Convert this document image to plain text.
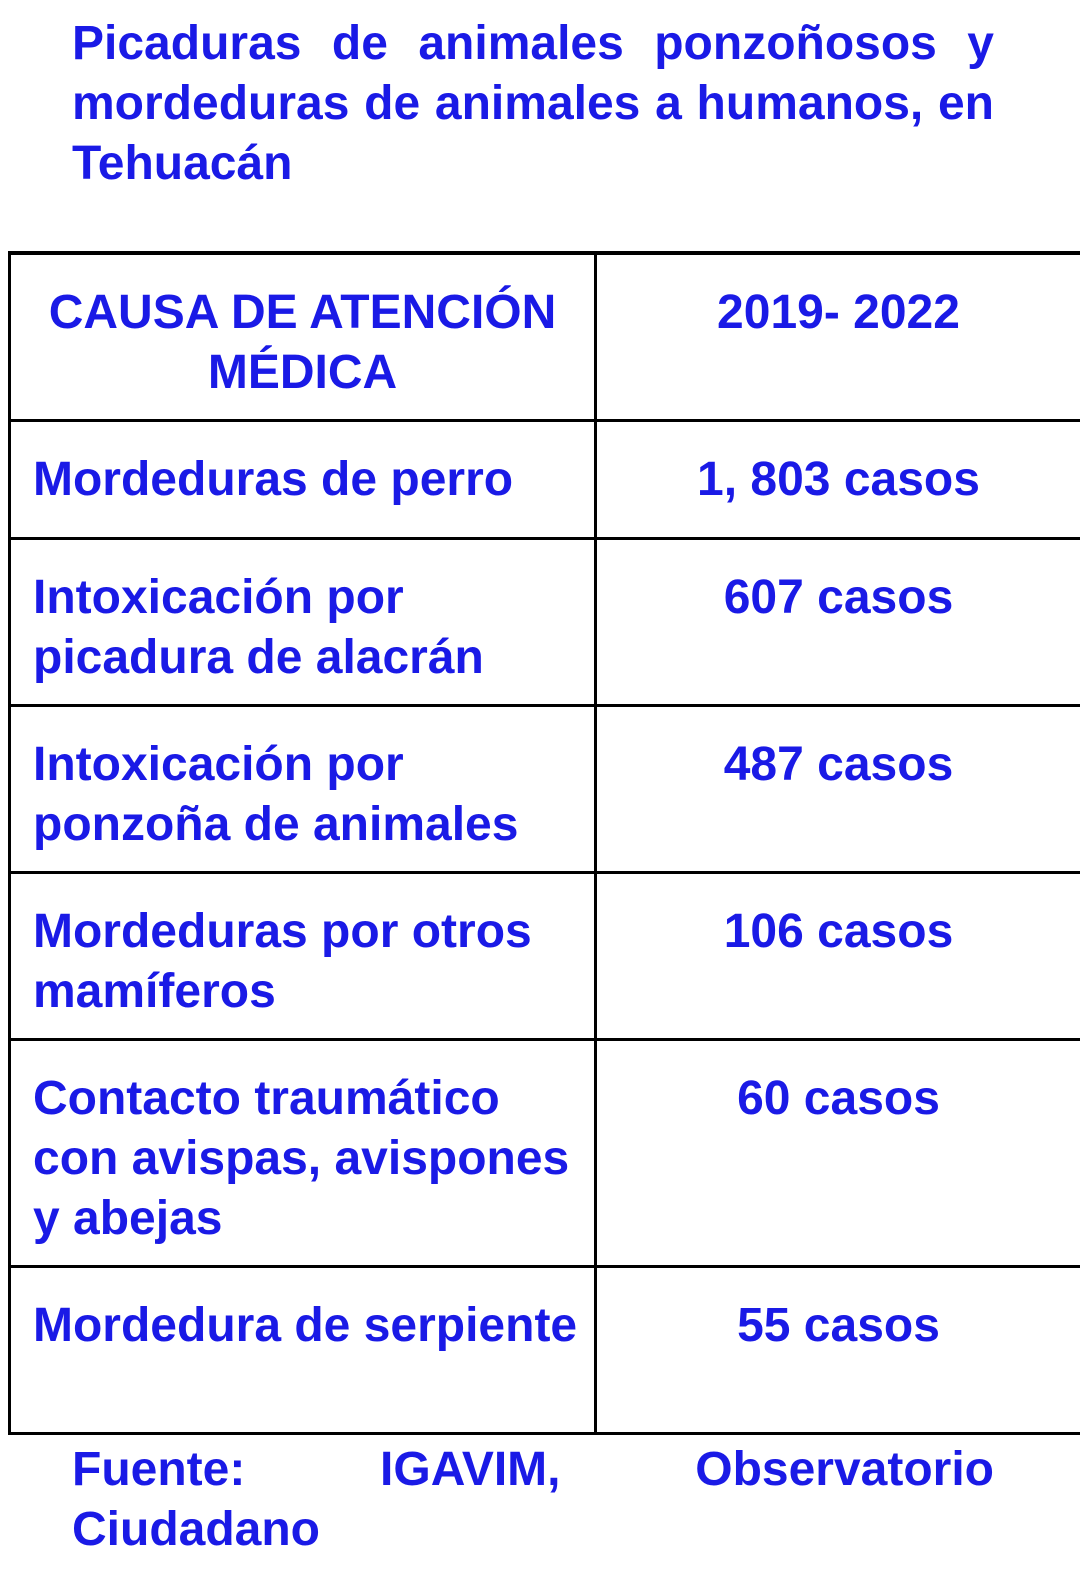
Picaduras de animales ponzoñosos y mordeduras de animales a humanos, en Tehuacán

CAUSA DE ATENCIÓN MÉDICA	2019- 2022
Mordeduras de perro	1, 803 casos
Intoxicación por picadura de alacrán	607 casos
Intoxicación por ponzoña de animales	487 casos
Mordeduras por otros mamíferos	106 casos
Contacto traumático con avispas, avispones y abejas	60 casos
Mordedura de serpiente	55 casos

Fuente: IGAVIM, Observatorio Ciudadano
